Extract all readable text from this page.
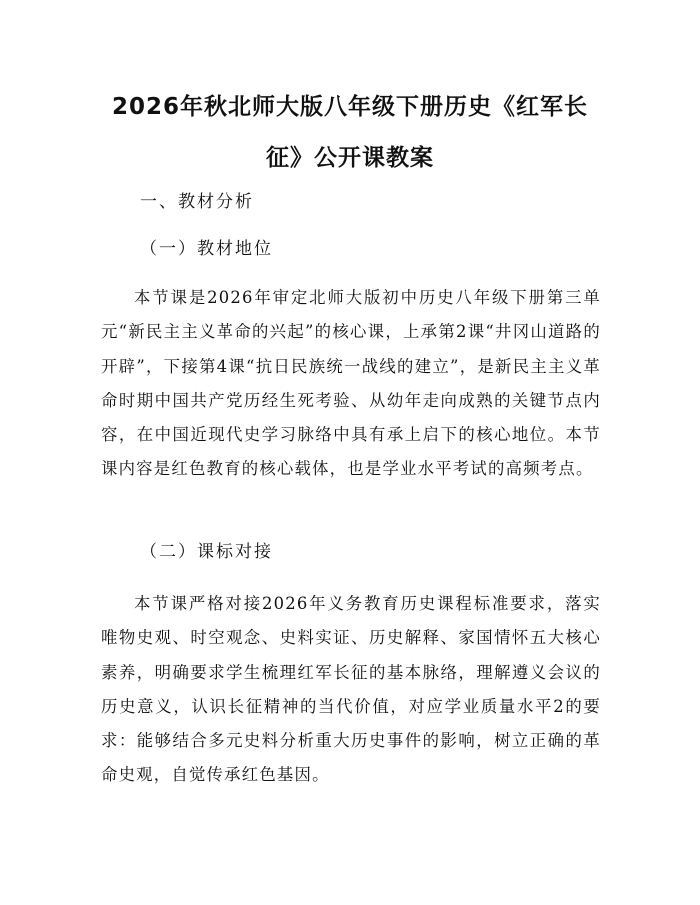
2026年秋北师大版八年级下册历史《红军长征》公开课教案
一、教材分析
（一）教材地位

本节课是2026年审定北师大版初中历史八年级下册第三单元“新民主主义革命的兴起”的核心课，上承第2课“井冈山道路的开辟”，下接第4课“抗日民族统一战线的建立”，是新民主主义革命时期中国共产党历经生死考验、从幼年走向成熟的关键节点内容，在中国近现代史学习脉络中具有承上启下的核心地位。本节课内容是红色教育的核心载体，也是学业水平考试的高频考点。

（二）课标对接

本节课严格对接2026年义务教育历史课程标准要求，落实唯物史观、时空观念、史料实证、历史解释、家国情怀五大核心素养，明确要求学生梳理红军长征的基本脉络，理解遵义会议的历史意义，认识长征精神的当代价值，对应学业质量水平2的要求：能够结合多元史料分析重大历史事件的影响，树立正确的革命史观，自觉传承红色基因。
